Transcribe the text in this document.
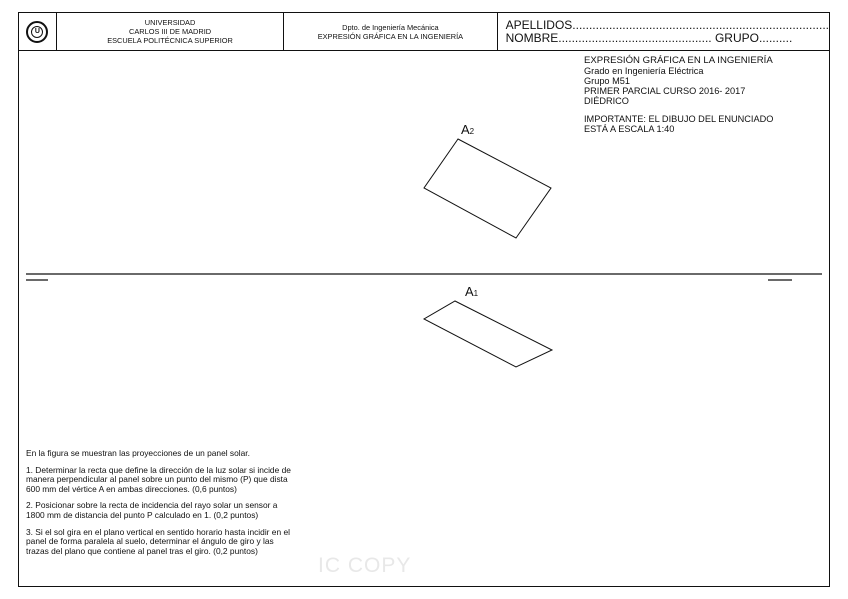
U
UNIVERSIDAD
CARLOS III DE MADRID
ESCUELA POLITÉCNICA SUPERIOR
Dpto. de Ingeniería Mecánica
EXPRESIÓN GRÁFICA EN LA INGENIERÍA
APELLIDOS.............................................................................
NOMBRE.............................................. GRUPO..........
EXPRESIÓN GRÁFICA EN LA INGENIERÍA
Grado en Ingeniería Eléctrica
Grupo M51
PRIMER PARCIAL CURSO 2016- 2017
DIÉDRICO
IMPORTANTE: EL DIBUJO DEL ENUNCIADO
ESTÁ A ESCALA 1:40
A2
A1

En la figura se muestran las proyecciones de un panel solar.

1. Determinar la recta que define la dirección de la luz solar si incide de
manera perpendicular al panel sobre un punto del mismo (P) que dista
600 mm del vértice A en ambas direcciones. (0,6 puntos)

2. Posicionar sobre la recta de incidencia del rayo solar un sensor a
1800 mm de distancia del punto P calculado en 1. (0,2 puntos)

3. Si el sol gira en el plano vertical en sentido horario hasta incidir en el
panel de forma paralela al suelo, determinar el ángulo de giro y las
trazas del plano que contiene al panel tras el giro. (0,2 puntos)

IC COPY
